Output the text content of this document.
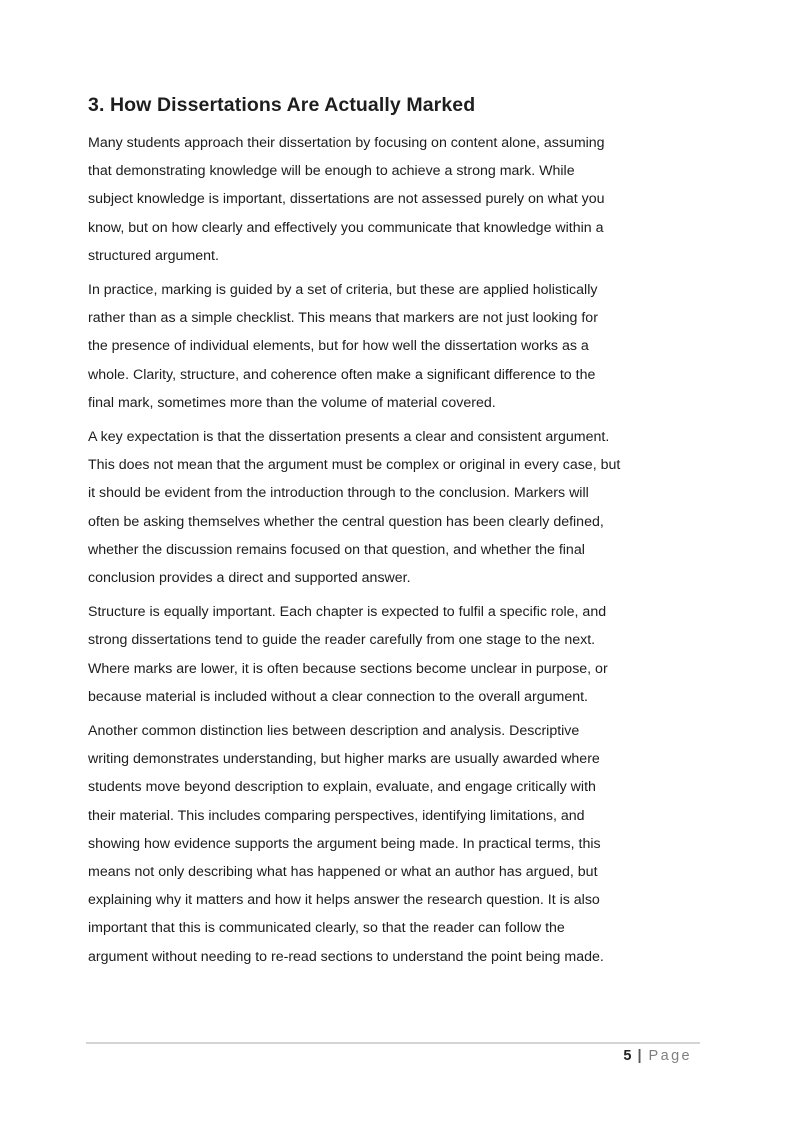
3. How Dissertations Are Actually Marked

Many students approach their dissertation by focusing on content alone, assuming
that demonstrating knowledge will be enough to achieve a strong mark. While
subject knowledge is important, dissertations are not assessed purely on what you
know, but on how clearly and effectively you communicate that knowledge within a
structured argument.

In practice, marking is guided by a set of criteria, but these are applied holistically
rather than as a simple checklist. This means that markers are not just looking for
the presence of individual elements, but for how well the dissertation works as a
whole. Clarity, structure, and coherence often make a significant difference to the
final mark, sometimes more than the volume of material covered.

A key expectation is that the dissertation presents a clear and consistent argument.
This does not mean that the argument must be complex or original in every case, but
it should be evident from the introduction through to the conclusion. Markers will
often be asking themselves whether the central question has been clearly defined,
whether the discussion remains focused on that question, and whether the final
conclusion provides a direct and supported answer.

Structure is equally important. Each chapter is expected to fulfil a specific role, and
strong dissertations tend to guide the reader carefully from one stage to the next.
Where marks are lower, it is often because sections become unclear in purpose, or
because material is included without a clear connection to the overall argument.

Another common distinction lies between description and analysis. Descriptive
writing demonstrates understanding, but higher marks are usually awarded where
students move beyond description to explain, evaluate, and engage critically with
their material. This includes comparing perspectives, identifying limitations, and
showing how evidence supports the argument being made. In practical terms, this
means not only describing what has happened or what an author has argued, but
explaining why it matters and how it helps answer the research question. It is also
important that this is communicated clearly, so that the reader can follow the
argument without needing to re-read sections to understand the point being made.

5 | Page
